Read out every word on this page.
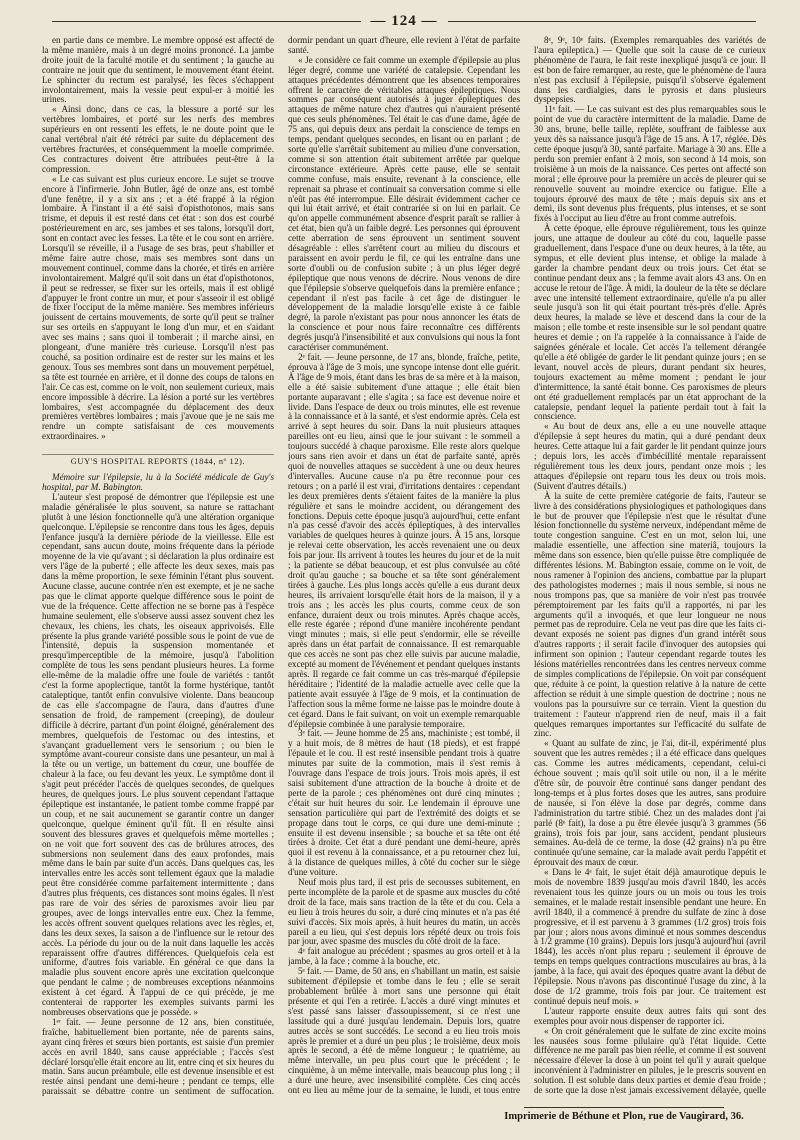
— 124 —

en partie dans ce membre. Le membre opposé est affecté de la même manière, mais à un degré moins prononcé. La jambe droite jouit de la faculté motile et du sentiment ; la gauche au contraire ne jouit que du sentiment, le mouvement étant éteint. Le sphincter du rectum est paralysé, les fèces s'échappent involontairement, mais la vessie peut expul-er à moitié les urines.

« Ainsi donc, dans ce cas, la blessure a porté sur les vertèbres lombaires, et porté sur les nerfs des membres supérieurs en ont ressenti les effets, le ne doute point que le canal vertébral n'ait été rétréci par suite du déplacement des vertèbres fracturées, et conséquemment la moelle comprimée. Ces contractures doivent être attribuées peut-être à la compression.

« Le cas suivant est plus curieux encore. Le sujet se trouve encore à l'infirmerie. John Butler, âgé de onze ans, est tombé d'une fenêtre, il y a six ans ; et a été frappé à la région lombaire. À l'instant il a été saisi d'opisthotonos, mais sans trisme, et depuis il est resté dans cet état : son dos est courbé postérieurement en arc, ses jambes et ses talons, lorsqu'il dort, sont en contact avec les fesses. La tête et le cou sont en arrière. Lorsqu'il se réveille, il a l'usage de ses bras, peut s'habiller et même faire autre chose, mais ses membres sont dans un mouvement continuel, comme dans la chorée, et tirés en arrière involontairement. Malgré qu'il soit dans un état d'opisthotonos, il peut se redresser, se fixer sur les orteils, mais il est obligé d'appuyer le front contre un mur, et pour s'asseoir il est obligé de fixer l'occiput de la même manière. Ses membres inférieurs jouissent de certains mouvements, de sorte qu'il peut se traîner sur ses orteils en s'appuyant le long d'un mur, et en s'aidant avec ses mains ; sans quoi il tomberait ; il marche ainsi, en plongeant, d'une manière très curieuse. Lorsqu'il n'est pas couché, sa position ordinaire est de rester sur les mains et les genoux. Tous ses membres sont dans un mouvement perpétuel, sa tête est tournée en arrière, et il donne des coups de talons en l'air. Ce cas est, comme on le voit, non seulement curieux, mais encore impossible à décrire. La lésion a porté sur les vertèbres lombaires, s'est accompagnée du déplacement des deux premières vertèbres lombaires ; mais j'avoue que je ne sais me rendre un compte satisfaisant de ces mouvements extraordinaires. »

GUY'S HOSPITAL REPORTS (1844, nº 12).

Mémoire sur l'épilepsie, lu à la Société médicale de Guy's hospital, par M. Babington.

L'auteur s'est proposé de démontrer que l'épilepsie est une maladie généralisée le plus souvent, sa nature se rattachant plutôt à une lésion fonctionnelle qu'à une altération organique quelconque. L'épilepsie se rencontre dans tous les âges, depuis l'enfance jusqu'à la dernière période de la vieillesse. Elle est cependant, sans aucun doute, moins fréquente dans la période moyenne de la vie qu'avant ; si déclaration la plus ordinaire est vers l'âge de la puberté ; elle affecte les deux sexes, mais pas dans la même proportion, le sexe féminin l'étant plus souvent. Aucune classe, aucune contrée n'en est exempte, et je ne sache pas que le climat apporte quelque différence sous le point de vue de la fréquence. Cette affection ne se borne pas à l'espèce humaine seulement, elle s'observe aussi assez souvent chez les chevaux, les chiens, les chats, les oiseaux apprivoisés. Elle présente la plus grande variété possible sous le point de vue de l'intensité, depuis la suspension momentanée et presqu'imperceptible de la mémoire, jusqu'à l'abolition complète de tous les sens pendant plusieurs heures. La forme elle-même de la maladie offre une foule de variétés : tantôt c'est la forme apoplectique, tantôt la forme hystérique, tantôt cataleptique, tantôt enfin convulsive violente. Dans beaucoup de cas elle s'accompagne de l'aura, dans d'autres d'une sensation de froid, de rampement (creeping), de douleur difficile à décrire, partant d'un point éloigné, généralement des membres, quelquefois de l'estomac ou des intestins, et s'avançant graduellement vers le sensorium ; ou bien le symptôme avant-coureur consiste dans une pesanteur, un mal à la tête ou un vertige, un battement du cœur, une bouffée de chaleur à la face, ou feu devant les yeux. Le symptôme dont il s'agit peut précéder l'accès de quelques secondes, de quelques heures, de quelques jours. Le plus souvent cependant l'attaque épileptique est instantanée, le patient tombe comme frappé par un coup, et ne sait aucunement se garantir contre un danger quelconque, quelque éminent qu'il fût. Il en résulte ainsi souvent des blessures graves et quelquefois même mortelles ; on ne voit que fort souvent des cas de brûlures atroces, des submersions non seulement dans des eaux profondes, mais même dans le bain par suite d'un accès. Dans quelques cas, les intervalles entre les accès sont tellement égaux que la maladie peut être considérée comme parfaitement intermittente ; dans d'autres plus fréquents, ces distances sont moins égales. Il n'est pas rare de voir des séries de paroxismes avoir lieu par groupes, avec de longs intervalles entre eux. Chez la femme, les accès offrent souvent quelques relations avec les règles, et, dans les deux sexes, la saison a de l'influence sur le retour des accès. La période du jour ou de la nuit dans laquelle les accès reparaissent offre d'autres différences. Quelquefois cela est uniforme, d'autres fois variable. En général ce que dans la maladie plus souvent encore après une excitation quelconque que pendant le calme ; de nombreuses exceptions néanmoins existent à cet égard. À l'appui de ce qui précède, je me contenterai de rapporter les exemples suivants parmi les nombreuses observations que je possède. »

1ᵉʳ fait. — Jeune personne de 12 ans, bien constituée, fraîche, habituellement bien portante, née de parents sains, ayant cinq frères et sœurs bien portants, est saisie d'un premier accès en avril 1840, sans cause appréciable ; l'accès s'est déclaré lorsqu'elle était encore au lit, entre cinq et six heures du matin. Sans aucun préambule, elle est devenue insensible et est restée ainsi pendant une demi-heure ; pendant ce temps, elle paraissait se débattre contre un sentiment de suffocation.

dormir pendant un quart d'heure, elle revient à l'état de parfaite santé.

« Je considère ce fait comme un exemple d'épilepsie au plus léger degré, comme une variété de catalepsie. Cependant les attaques précédentes démontrent que les absences temporaires offrent le caractère de véritables attaques épileptiques. Nous sommes par conséquent autorisés à juger épileptiques des attaques de même nature chez d'autres qui n'auraient présenté que ces seuls phénomènes. Tel était le cas d'une dame, âgée de 75 ans, qui depuis deux ans perdait la conscience de temps en temps, pendant quelques secondes, en lisant ou en parlant ; de sorte qu'elle s'arrêtait subitement au milieu d'une conversation, comme si son attention était subitement arrêtée par quelque circonstance extérieure. Après cette pause, elle se sentait comme confuse, mais ensuite, revenant à la conscience, elle reprenait sa phrase et continuait sa conversation comme si elle n'eût pas été interrompue. Elle désirait évidemment cacher ce qui lui était arrivé, et était contrariée si on lui en parlait. Ce qu'on appelle communément absence d'esprit paraît se rallier à cet état, bien qu'à un faible degré. Les personnes qui éprouvent cette aberration de sens éprouvent un sentiment souvent désagréable : elles s'arrêtent court au milieu du discours et paraissent en avoir perdu le fil, ce qui les entraîne dans une sorte d'oubli ou de confusion subite ; à un plus léger degré épileptique que nous venons de décrire. Nous venons de dire que l'épilepsie s'observe quelquefois dans la première enfance ; cependant il n'est pas facile à cet âge de distinguer le développement de la maladie lorsqu'elle existe à ce faible degré, la parole n'existant pas pour nous annoncer les états de la conscience et pour nous faire reconnaître ces différents degrés jusqu'à l'insensibilité et aux convulsions qui nous la font caractériser communément.

2ᵉ fait. — Jeune personne, de 17 ans, blonde, fraîche, petite, éprouva à l'âge de 3 mois, une syncope intense dont elle guérit. À l'âge de 9 mois, étant dans les bras de sa mère et à la maison, elle a été saisie subitement d'une attaque ; elle était bien portante auparavant ; elle s'agita ; sa face est devenue noire et livide. Dans l'espace de deux ou trois minutes, elle est revenue à la connaissance et à la santé, et s'est endormie après. Cela est arrivé à sept heures du soir. Dans la nuit plusieurs attaques pareilles ont eu lieu, ainsi que le jour suivant : le sommeil a toujours succédé à chaque paroxisme. Elle reste alors quelque jours sans rien avoir et dans un état de parfaite santé, après quoi de nouvelles attaques se succèdent à une ou deux heures d'intervalles. Aucune cause n'a pu être reconnue pour ces retours ; on a parlé il est vrai, d'irritations dentaires : cependant les deux premières dents s'étaient faites de la manière la plus régulière et sans le moindre accident, ou dérangement des fonctions. Depuis cette époque jusqu'à aujourd'hui, cette enfant n'a pas cessé d'avoir des accès épileptiques, à des intervalles variables de quelques heures à quinze jours. À 15 ans, lorsque je relevai cette observation, les accès revenaient une ou deux fois par jour. Ils arrivent à toutes les heures du jour et de la nuit ; la patiente se débat beaucoup, et est plus convulsée au côté droit qu'au gauche ; sa bouche et sa tête sont généralement tirées à gauche. Les plus longs accès qu'elle a eus durant deux heures, ils arrivaient lorsqu'elle était hors de la maison, il y a trois ans ; les accès les plus courts, comme ceux de son enfance, duraient deux ou trois minutes. Après chaque accès, elle reste égarée ; répond d'une manière incohérente pendant vingt minutes ; mais, si elle peut s'endormir, elle se réveille après dans un état parfait de connaissance. Il est remarquable que ces accès ne sont pas chez elle suivis par aucune maladie, excepté au moment de l'événement et pendant quelques instants après. Il regarde ce fait comme un cas très-marqué d'épilepsie héréditaire ; l'identité de la maladie actuelle avec celle que la patiente avait essuyée à l'âge de 9 mois, et la continuation de l'affection sous la même forme ne laisse pas le moindre doute à cet égard. Dans le fait suivant, on voit un exemple remarquable d'épilepsie combinée à une paralysie temporaire.

3ᵉ fait. — Jeune homme de 25 ans, machiniste ; est tombé, il y a huit mois, de 8 mètres de haut (18 pieds), et est frappé l'épaule et le cou. Il est resté insensible pendant trois à quatre minutes par suite de la commotion, mais il s'est remis à l'ouvrage dans l'espace de trois jours. Trois mois après, il est saisi subitement d'une attraction de la bouche à droite et de perte de la parole ; ces phénomènes ont duré cinq minutes ; c'était sur huit heures du soir. Le lendemain il éprouve une sensation particulière qui part de l'extrémité des doigts et se propage dans tout le corps, ce qui dure une demi-minute ; ensuite il est devenu insensible ; sa bouche et sa tête ont été tirées à droite. Cet état a duré pendant une demi-heure, après quoi il est revenu à la connaissance, et a pu retourner chez lui, à la distance de quelques milles, à côté du cocher sur le siège d'une voiture.

Neuf mois plus tard, il est pris de secousses subitement, en perte incomplète de la parole et de spasme aux muscles du côté droit de la face, mais sans traction de la tête et du cou. Cela a eu lieu à trois heures du soir, a duré cinq minutes et n'a pas été suivi d'accès. Six mois après, à huit heures du matin, un accès pareil a eu lieu, qui s'est depuis lors répété deux ou trois fois par jour, avec spasme des muscles du côté droit de la face.

4ᵉ fait analogue au précédent ; spasmes au gros orteil et à la jambe, à la face ; comme à la bouche, etc.

5ᵉ fait. — Dame, de 50 ans, en s'habillant un matin, est saisie subitement d'épilepsie et tombe dans le feu ; elle se serait probablement brûlée à mort sans une personne qui était présente et qui l'en a retirée. L'accès a duré vingt minutes et s'est passé sans laisser d'assoupissement, si ce n'est une lassitude qui a duré jusqu'au lendemain. Depuis lors, quatre autres accès se sont succédés. Le second a eu lieu trois mois après le premier et a duré un peu plus ; le troisième, deux mois après le second, a été de même longueur ; le quatrième, au même intervalle, un peu plus court que le précédent ; le cinquième, à un même intervalle, mais beaucoup plus long ; il a duré une heure, avec insensibilité complète. Ces cinq accès ont eu lieu au même jour de la semaine, le lundi, et tous entre

8ᵉ, 9ᵉ, 10ᵉ faits. (Exemples remarquables des variétés de l'aura epileptica.) — Quelle que soit la cause de ce curieux phénomène de l'aura, le fait reste inexpliqué jusqu'à ce jour. Il est bon de faire remarquer, au reste, que le phénomène de l'aura n'est pas exclusif à l'épilepsie, puisqu'il s'observe également dans les cardialgies, dans le pyrosis et dans plusieurs dyspepsies.

11ᵉ fait. — Le cas suivant est des plus remarquables sous le point de vue du caractère intermittent de la maladie. Dame de 30 ans, brune, belle taille, replète, souffrant de faiblesse aux yeux dès sa naissance jusqu'à l'âge de 15 ans. À 17, réglée. Dès cette époque jusqu'à 30, santé parfaite. Mariage à 30 ans. Elle a perdu son premier enfant à 2 mois, son second à 14 mois, son troisième à un mois de la naissance. Ces pertes ont affecté son moral ; elle éprouve pour la première un accès de pleurer qui se renouvelle souvent au moindre exercice ou fatigue. Elle a toujours éprouvé des maux de tête ; mais depuis six ans et demi, ils sont devenus plus fréquents, plus intenses, et se sont fixés à l'occiput au lieu d'être au front comme autrefois.

À cette époque, elle éprouve régulièrement, tous les quinze jours, une attaque de douleur au côté du cou, laquelle passe graduellement, dans l'espace d'une ou deux heures, à la tête, au sympus, et elle devient plus intense, et oblige la malade à garder la chambre pendant deux ou trois jours. Cet état se continue pendant deux ans ; la femme avait alors 43 ans. On en accuse le retour de l'âge. À midi, la douleur de la tête se déclare avec une intensité tellement extraordinaire, qu'elle n'a pu aller seule jusqu'à son lit qui était pourtant très-près d'elle. Après deux heures, la malade se lève et descend dans la cour de la maison ; elle tombe et reste insensible sur le sol pendant quatre heures et demie ; on l'a rappelée à la connaissance à l'aide de saignées générale et locale. Cet accès l'a tellement dérangée qu'elle a été obligée de garder le lit pendant quinze jours ; en se levant, nouvel accès de pleurs, durant pendant six heures, toujours exactement au même moment ; pendant le jour d'intermittence, la santé était bonne. Ces paroxismes de pleurs ont été graduellement remplacés par un état approchant de la catalepsie, pendant lequel la patiente perdait tout à fait la conscience.

« Au bout de deux ans, elle a eu une nouvelle attaque d'épilepsie à sept heures du matin, qui a duré pendant deux heures. Cette attaque lui a fait garder le lit pendant quinze jours ; depuis lors, les accès d'imbécillité mentale reparaissent régulièrement tous les deux jours, pendant onze mois ; les attaques d'épilepsie ont reparu tous les deux ou trois mois. (Suivent d'autres détails.)

À la suite de cette première catégorie de faits, l'auteur se livre à des considérations physiologiques et pathologiques dans le but de prouver que l'épilepsie n'est que le résultat d'une lésion fonctionnelle du système nerveux, indépendant même de toute congestion sanguine. C'est en un mot, selon lui, une maladie essentielle, une affection sine materiâ, toujours la même dans son essence, bien qu'elle puisse être compliquée de différentes lésions. M. Babington essaie, comme on le voit, de nous ramener à l'opinion des anciens, combattue par la plupart des pathologistes modernes ; mais il nous semble, si nous ne nous trompons pas, que sa manière de voir n'est pas trouvée péremptoirement par les faits qu'il a rapportés, ni par les arguments qu'il a invoqués, et que leur longueur ne nous permet pas de reproduire. Cela ne veut pas dire que les faits ci-devant exposés ne soient pas dignes d'un grand intérêt sous d'autres rapports ; il serait facile d'invoquer des autopsies qui infirment son opinion ; l'auteur cependant regarde toutes les lésions matérielles rencontrées dans les centres nerveux comme de simples complications de l'épilepsie. On voit par conséquent que, réduite à ce point, la question relative à la nature de cette affection se réduit à une simple question de doctrine ; nous ne voulons pas la poursuivre sur ce terrain. Vient la question du traitement : l'auteur n'apprend rien de neuf, mais il a fait quelques remarques importantes sur l'efficacité du sulfate de zinc.

« Quant au sulfate de zinc, je l'ai, dit-il, expérimenté plus souvent que les autres remèdes ; il a été efficace dans quelques cas. Comme les autres médicaments, cependant, celui-ci échoue souvent ; mais qu'il soit utile ou non, il a le mérite d'être sûr, de pouvoir être continué sans danger pendant des long-temps et à plus fortes doses que les autres, sans produire de nausée, si l'on élève la dose par degrés, comme dans l'administration du tartre stibié. Chez un des malades dont j'ai parlé (8ᵉ fait), la dose a pu être élevée jusqu'à 3 grammes (56 grains), trois fois par jour, sans accident, pendant plusieurs semaines. Au-delà de ce terme, la dose (42 grains) n'a pu être continuée qu'une semaine, car la malade avait perdu l'appétit et éprouvait des maux de cœur.

« Dans le 4ᵉ fait, le sujet était déjà amaurotique depuis le mois de novembre 1839 jusqu'au mois d'avril 1840, les accès revenaient tous les quinze jours ou un mois ou tous les trois semaines, et le malade restait insensible pendant une heure. En avril 1840, il a commencé à prendre du sulfate de zinc à dose progressive, et il est parvenu à 3 grammes (1/2 gros) trois fois par jour ; alors nous avons diminué et nous sommes descendus à 1/2 gramme (10 grains). Depuis lors jusqu'à aujourd'hui (avril 1844), les accès n'ont plus reparu ; seulement il éprouve de temps en temps quelques contractions musculaires au bras, à la jambe, à la face, qui avait des époques quatre avant la début de l'épilepsie. Nous n'avons pas discontinué l'usage du zinc, à la dose de 1/2 gramme, trois fois par jour. Ce traitement est continué depuis neuf mois. »

L'auteur rapporte ensuite deux autres faits qui sont des exemples pour avoir nous dispenser de rapporter ici.

« On croit généralement que le sulfate de zinc excite moins les nausées sous forme pilulaire qu'à l'état liquide. Cette différence ne me paraît pas bien réelle, et comme il est souvent nécessaire d'élever la dose à un point tel qu'il y aurait quelque inconvénient à l'administrer en pilules, je le prescris souvent en solution. Il est soluble dans deux parties et demie d'eau froide ; de sorte que la dose n'est jamais excessivement délayée, quelle

Imprimerie de Béthune et Plon, rue de Vaugirard, 36.
